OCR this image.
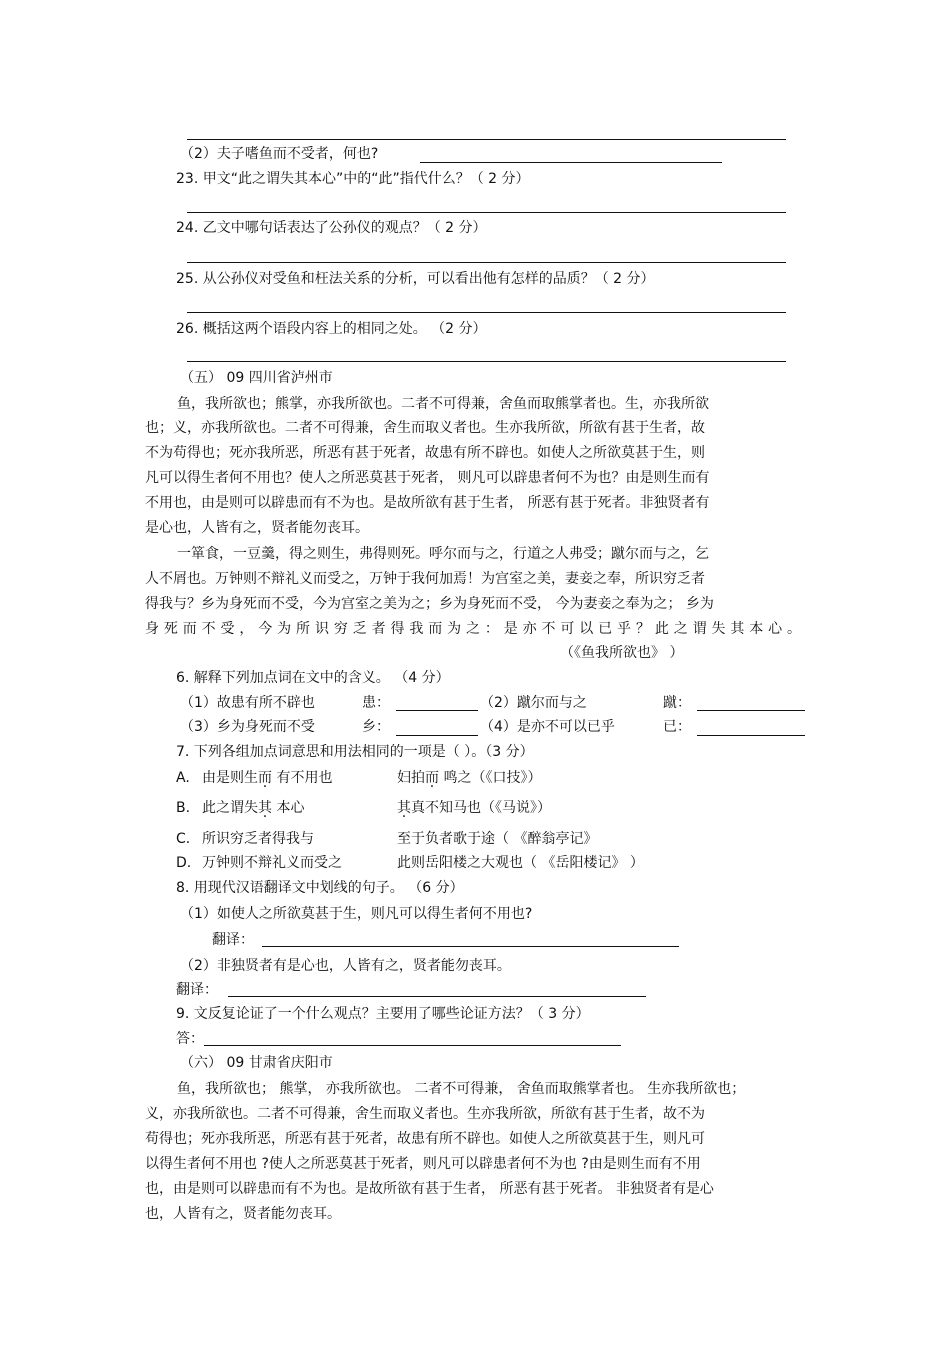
（2）夫子嗜鱼而不受者，何也?
23. 甲文“此之谓失其本心”中的“此”指代什么？（ 2 分）
24. 乙文中哪句话表达了公孙仪的观点？（ 2 分）
25. 从公孙仪对受鱼和枉法关系的分析，可以看出他有怎样的品质？（ 2 分）
26. 概括这两个语段内容上的相同之处。 （2 分）
（五） 09 四川省泸州市
鱼，我所欲也；熊掌，亦我所欲也。二者不可得兼，舍鱼而取熊掌者也。生，亦我所欲
也；义，亦我所欲也。二者不可得兼，舍生而取义者也。生亦我所欲，所欲有甚于生者，故
不为苟得也；死亦我所恶，所恶有甚于死者，故患有所不辟也。如使人之所欲莫甚于生，则
凡可以得生者何不用也？使人之所恶莫甚于死者， 则凡可以辟患者何不为也？由是则生而有
不用也，由是则可以辟患而有不为也。是故所欲有甚于生者， 所恶有甚于死者。非独贤者有
是心也，人皆有之，贤者能勿丧耳。
一箪食，一豆羹，得之则生，弗得则死。呼尔而与之，行道之人弗受；蹴尔而与之，乞
人不屑也。万钟则不辩礼义而受之，万钟于我何加焉！为宫室之美，妻妾之奉，所识穷乏者
得我与？乡为身死而不受，今为宫室之美为之；乡为身死而不受， 今为妻妾之奉为之； 乡为
身死而不受，今为所识穷乏者得我而为之：是亦不可以已乎？此之谓失其本心。
（《鱼我所欲也》 ）
6. 解释下列加点词在文中的含义。 （4 分）
（1）故患有所不辟也	患：	（2）蹴尔而与之	蹴：
（3）乡为身死而不受	乡：	（4）是亦不可以已乎	已：
7. 下列各组加点词意思和用法相同的一项是（ ）。（3 分）
A. 由是则生而 有不用也	妇拍而 鸣之（《口技》）
B. 此之谓失其 本心	其真不知马也（《马说》）
C. 所识穷乏者得我与	至于负者歌于途（ 《醉翁亭记》
D. 万钟则不辩礼义而受之	此则岳阳楼之大观也（ 《岳阳楼记》 ）
8. 用现代汉语翻译文中划线的句子。 （6 分）
（1）如使人之所欲莫甚于生，则凡可以得生者何不用也?
翻译：
（2）非独贤者有是心也，人皆有之，贤者能勿丧耳。
翻译：
9. 文反复论证了一个什么观点？主要用了哪些论证方法？（ 3 分）
答：
（六） 09 甘肃省庆阳市
鱼，我所欲也； 熊掌， 亦我所欲也。 二者不可得兼， 舍鱼而取熊掌者也。 生亦我所欲也；
义，亦我所欲也。二者不可得兼，舍生而取义者也。生亦我所欲，所欲有甚于生者，故不为
苟得也；死亦我所恶，所恶有甚于死者，故患有所不辟也。如使人之所欲莫甚于生，则凡可
以得生者何不用也 ?使人之所恶莫甚于死者，则凡可以辟患者何不为也 ?由是则生而有不用
也，由是则可以辟患而有不为也。是故所欲有甚于生者， 所恶有甚于死者。 非独贤者有是心
也，人皆有之，贤者能勿丧耳。
